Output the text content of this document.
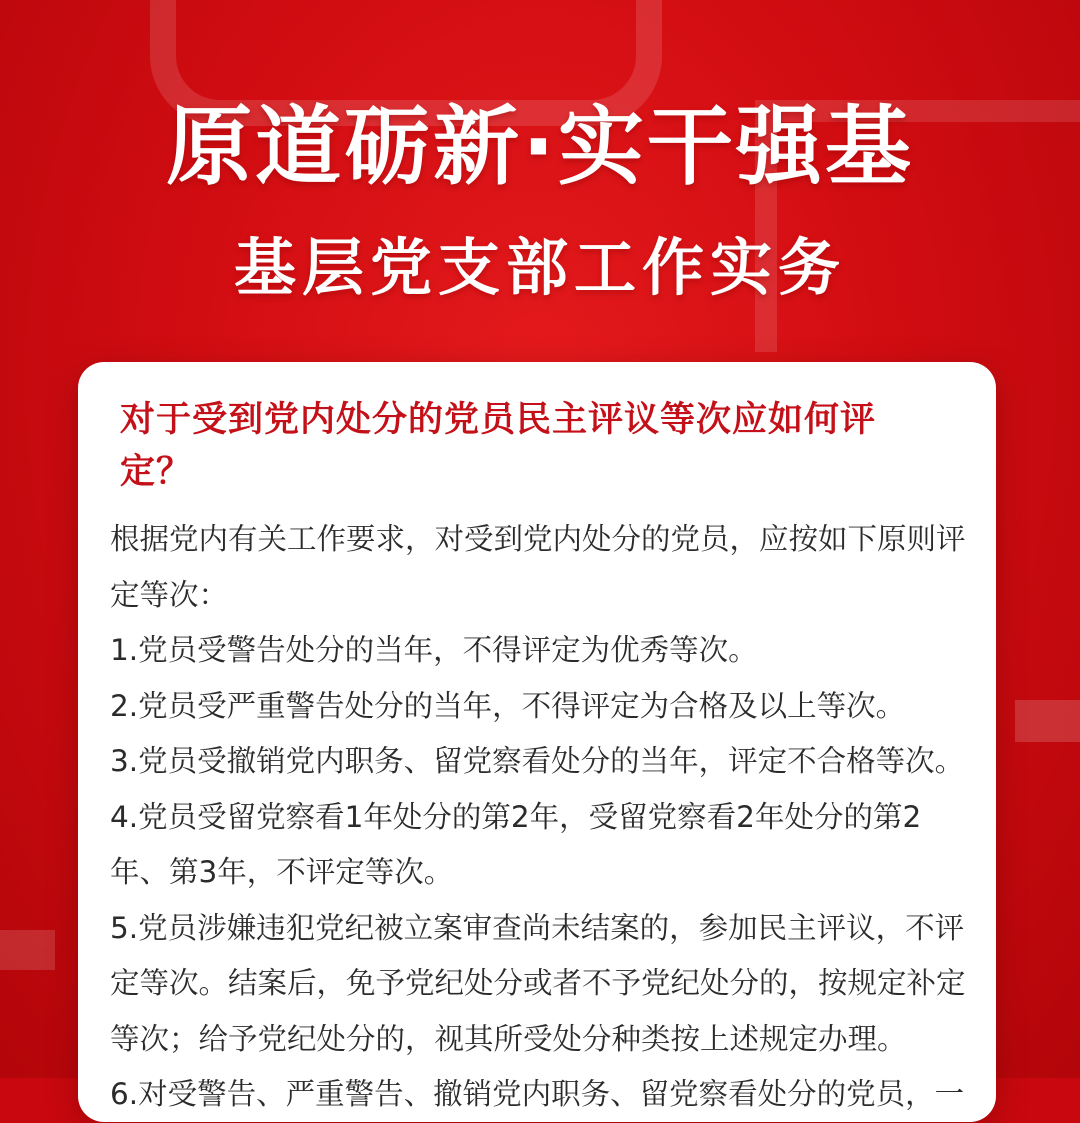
原道砺新·实干强基
基层党支部工作实务
对于受到党内处分的党员民主评议等次应如何评定？

根据党内有关工作要求，对受到党内处分的党员，应按如下原则评定等次：

1.党员受警告处分的当年，不得评定为优秀等次。

2.党员受严重警告处分的当年，不得评定为合格及以上等次。

3.党员受撤销党内职务、留党察看处分的当年，评定不合格等次。

4.党员受留党察看1年处分的第2年，受留党察看2年处分的第2年、第3年，不评定等次。

5.党员涉嫌违犯党纪被立案审查尚未结案的，参加民主评议，不评定等次。结案后，免予党纪处分或者不予党纪处分的，按规定补定等次；给予党纪处分的，视其所受处分种类按上述规定办理。

6.对受警告、严重警告、撤销党内职务、留党察看处分的党员，一
